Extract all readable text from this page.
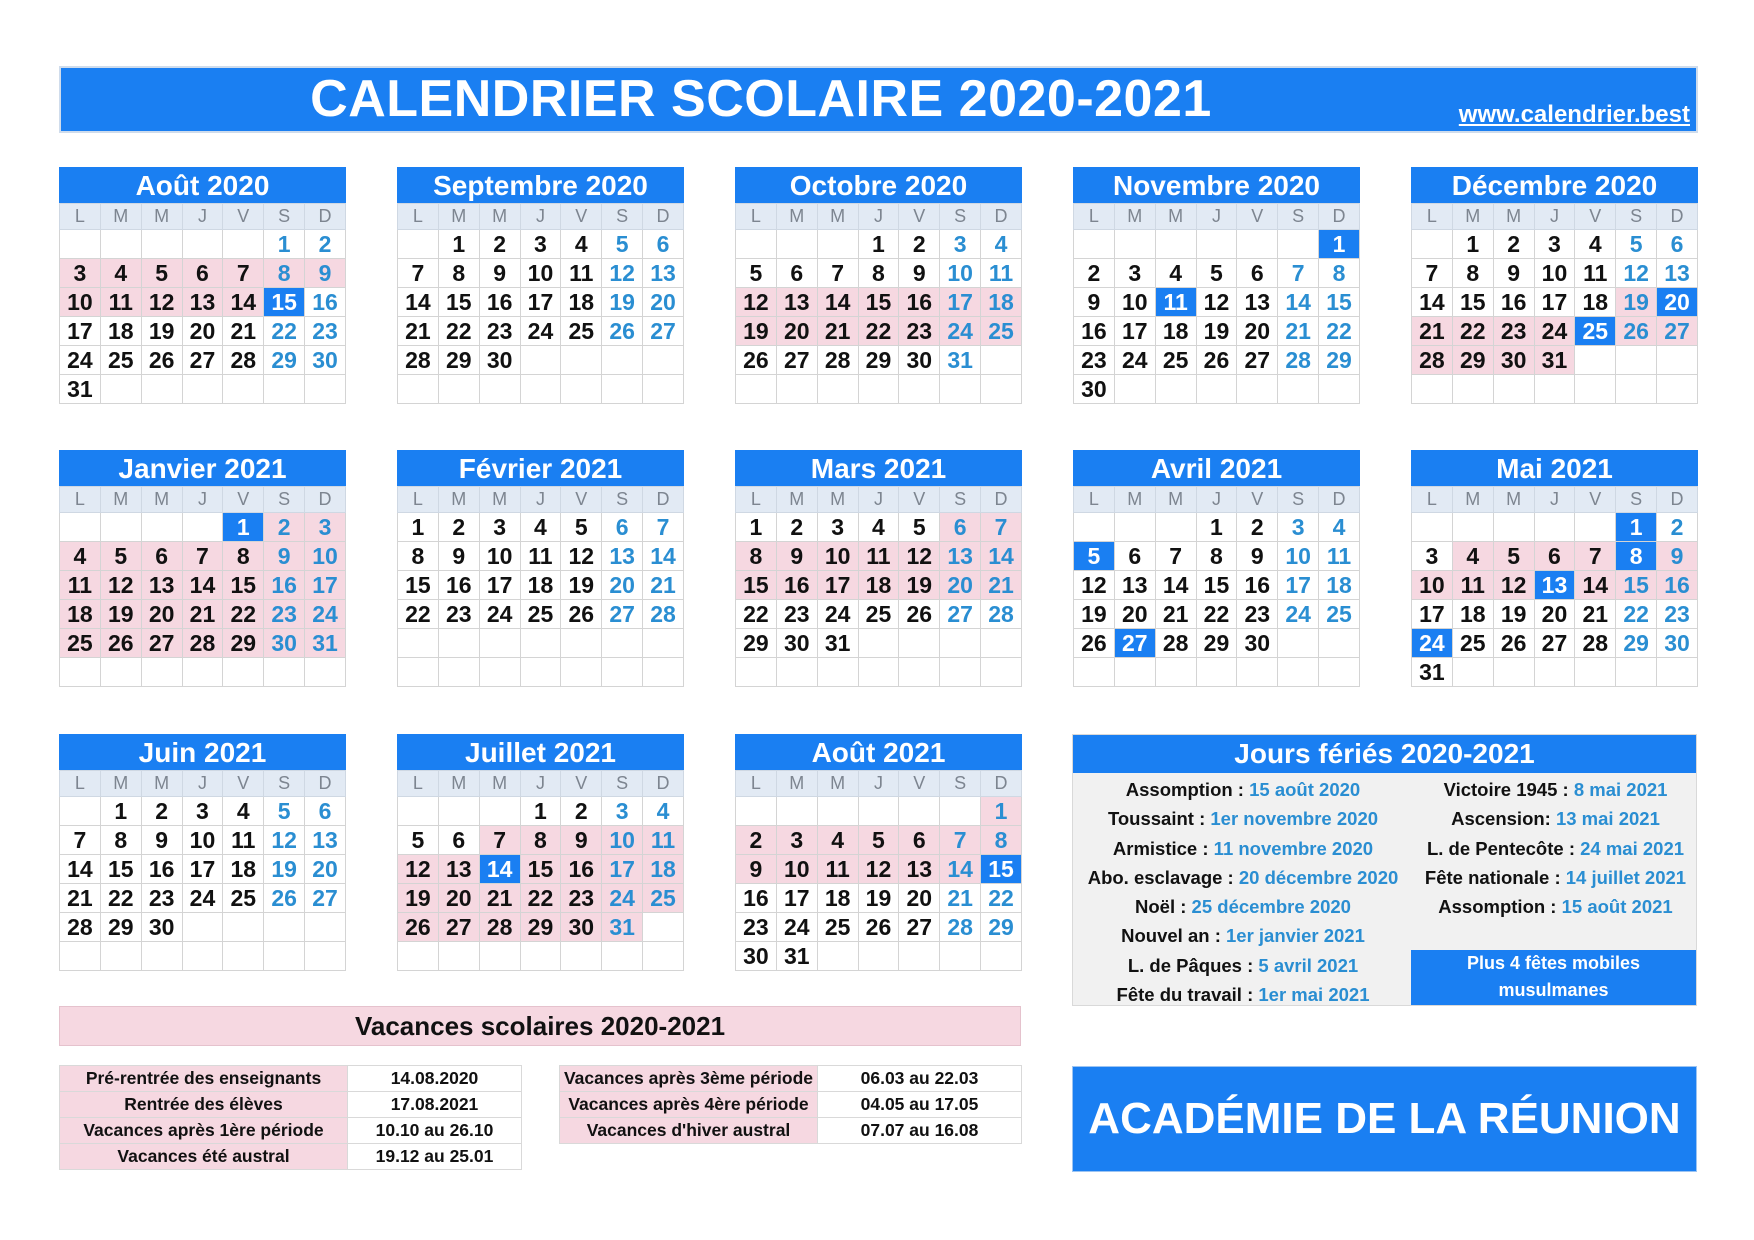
CALENDRIER SCOLAIRE 2020-2021	www.calendrier.best
Août 2020
L	M	M	J	V	S	D
					1	2
3	4	5	6	7	8	9
10	11	12	13	14	15	16
17	18	19	20	21	22	23
24	25	26	27	28	29	30
31						
Septembre 2020
L	M	M	J	V	S	D
	1	2	3	4	5	6
7	8	9	10	11	12	13
14	15	16	17	18	19	20
21	22	23	24	25	26	27
28	29	30				

Octobre 2020
L	M	M	J	V	S	D
			1	2	3	4
5	6	7	8	9	10	11
12	13	14	15	16	17	18
19	20	21	22	23	24	25
26	27	28	29	30	31	

Novembre 2020
L	M	M	J	V	S	D
						1
2	3	4	5	6	7	8
9	10	11	12	13	14	15
16	17	18	19	20	21	22
23	24	25	26	27	28	29
30						
Décembre 2020
L	M	M	J	V	S	D
	1	2	3	4	5	6
7	8	9	10	11	12	13
14	15	16	17	18	19	20
21	22	23	24	25	26	27
28	29	30	31			

Janvier 2021
L	M	M	J	V	S	D
				1	2	3
4	5	6	7	8	9	10
11	12	13	14	15	16	17
18	19	20	21	22	23	24
25	26	27	28	29	30	31

Février 2021
L	M	M	J	V	S	D
1	2	3	4	5	6	7
8	9	10	11	12	13	14
15	16	17	18	19	20	21
22	23	24	25	26	27	28

Mars 2021
L	M	M	J	V	S	D
1	2	3	4	5	6	7
8	9	10	11	12	13	14
15	16	17	18	19	20	21
22	23	24	25	26	27	28
29	30	31				

Avril 2021
L	M	M	J	V	S	D
			1	2	3	4
5	6	7	8	9	10	11
12	13	14	15	16	17	18
19	20	21	22	23	24	25
26	27	28	29	30		

Mai 2021
L	M	M	J	V	S	D
					1	2
3	4	5	6	7	8	9
10	11	12	13	14	15	16
17	18	19	20	21	22	23
24	25	26	27	28	29	30
31						
Juin 2021
L	M	M	J	V	S	D
	1	2	3	4	5	6
7	8	9	10	11	12	13
14	15	16	17	18	19	20
21	22	23	24	25	26	27
28	29	30				

Juillet 2021
L	M	M	J	V	S	D
			1	2	3	4
5	6	7	8	9	10	11
12	13	14	15	16	17	18
19	20	21	22	23	24	25
26	27	28	29	30	31	

Août 2021
L	M	M	J	V	S	D
						1
2	3	4	5	6	7	8
9	10	11	12	13	14	15
16	17	18	19	20	21	22
23	24	25	26	27	28	29
30	31					
Jours fériés 2020-2021
Assomption : 15 août 2020
Toussaint : 1er novembre 2020
Armistice : 11 novembre 2020
Abo. esclavage : 20 décembre 2020
Noël : 25 décembre 2020
Nouvel an : 1er janvier 2021
L. de Pâques : 5 avril 2021
Fête du travail : 1er mai 2021
Victoire 1945 : 8 mai 2021
Ascension: 13 mai 2021
L. de Pentecôte : 24 mai 2021
Fête nationale : 14 juillet 2021
Assomption : 15 août 2021
Plus 4 fêtes mobiles
musulmanes
Vacances scolaires 2020-2021
Pré-rentrée des enseignants	14.08.2020
Rentrée des élèves	17.08.2021
Vacances après 1ère période	10.10 au 26.10
Vacances été austral	19.12 au 25.01
Vacances après 3ème période	06.03 au 22.03
Vacances après 4ère période	04.05 au 17.05
Vacances d'hiver austral	07.07 au 16.08	ACADÉMIE DE LA RÉUNION
